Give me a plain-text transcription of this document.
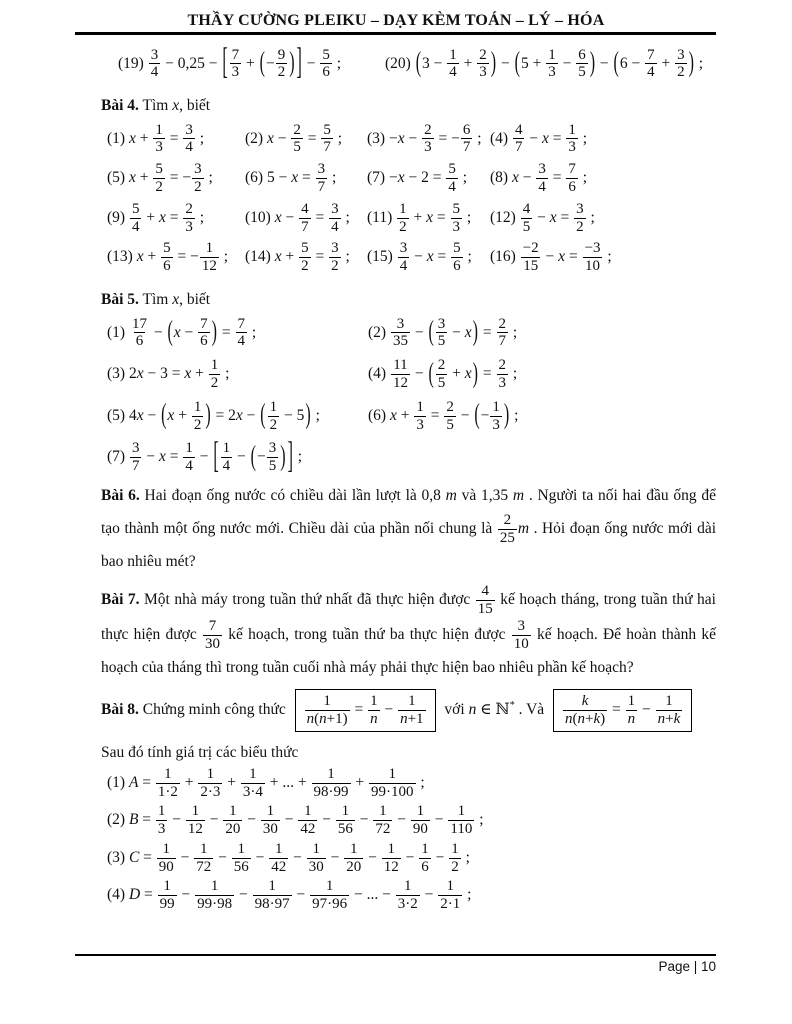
THẦY CƯỜNG PLEIKU – DẠY KÈM TOÁN – LÝ – HÓA
$(19) \frac{3}{4} - 0,25$ − [ $\frac{7}{3}$ + (− $\frac{9}{2}$ ) ] − $\frac{5}{6}$ ;	(20) ($3 - \frac{1}{4} + \frac{2}{3}$ ) − ($5 + \frac{1}{3} - \frac{6}{5}$ ) − ($6 - \frac{7}{4} + \frac{3}{2}$ ) ;
Bài 4. Tìm x, biết
(1) $x + \frac{1}{3} = \frac{3}{4}$ ;	(2) $x - \frac{2}{5} = \frac{5}{7}$ ;	$(3) -x - \frac{2}{3}$ = − $\frac{6}{7}$ ; $(4) \frac{4}{7} - x = \frac{1}{3}$ ;
(5) $x + \frac{5}{2}$ = − $\frac{3}{2}$ ;	(6) $5 - x = \frac{3}{7}$ ;	$(7) -x - 2 = \frac{5}{4}$ ;	(8) $x - \frac{3}{4} = \frac{7}{6}$ ;
$(9) \frac{5}{4} + x = \frac{2}{3}$ ;	(10) $x - \frac{4}{7} = \frac{3}{4}$ ;	$(11) \frac{1}{2} + x = \frac{5}{3}$ ;	$(12) \frac{4}{5} - x = \frac{3}{2}$ ;
(13) $x + \frac{5}{6}$ = − $\frac{1}{12}$ ;	(14) $x + \frac{5}{2} = \frac{3}{2}$ ;	$(15) \frac{3}{4} - x = \frac{5}{6}$ ;	$(16) \frac{-2}{15} - x = \frac{-3}{10}$ ;
Bài 5. Tìm x, biết
$(1) \frac{17}{6} - (x - \frac{7}{6}$ ) = $\frac{7}{4}$ ;	$(2) \frac{3}{35}$ − ( $\frac{3}{5} - x) = \frac{2}{7}$ ;
(3) $2x - 3 = x + \frac{1}{2}$ ;	$(4) \frac{11}{12}$ − ( $\frac{2}{5} + x) = \frac{2}{3}$ ;
(5) $4x - (x + \frac{1}{2}$ ) = 2x − ( $\frac{1}{2} - 5$) ;	(6) $x + \frac{1}{3} = \frac{2}{5}$ − (− $\frac{1}{3}$ ) ;
$(7) \frac{3}{7} - x = \frac{1}{4}$ − [ $\frac{1}{4}$ − (− $\frac{3}{5}$ ) ] ;
Bài 6. Hai đoạn ống nước có chiều dài lần lượt là 0,8 m và 1,35 m . Người ta nối hai đầu ống để tạo thành một ống nước mới. Chiều dài của phần nối chung là $\frac{2}{25}$ m . Hỏi đoạn ống nước mới dài bao nhiêu mét?
Bài 7. Một nhà máy trong tuần thứ nhất đã thực hiện được $\frac{4}{15}$ kế hoạch tháng, trong tuần thứ hai thực hiện được $\frac{7}{30}$ kế hoạch, trong tuần thứ ba thực hiện được $\frac{3}{10}$ kế hoạch. Để hoàn thành kế hoạch của tháng thì trong tuần cuối nhà máy phải thực hiện bao nhiêu phần kế hoạch?
Bài 8. Chứng minh công thức $\frac{1}{n(n+1)} = \frac{1}{n} - \frac{1}{n+1}$ với n ∈ ℕ* . Và $\frac{k}{n(n+k)} = \frac{1}{n} - \frac{1}{n+k}$
Sau đó tính giá trị các biểu thức
(1) $A = \frac{1}{1\cdot 2} + \frac{1}{2\cdot 3} + \frac{1}{3\cdot 4}$ + ... + $\frac{1}{98\cdot 99} + \frac{1}{99\cdot 100}$ ;
(2) $B = \frac{1}{3} - \frac{1}{12} - \frac{1}{20} - \frac{1}{30} - \frac{1}{42} - \frac{1}{56} - \frac{1}{72} - \frac{1}{90} - \frac{1}{110}$ ;
(3) $C = \frac{1}{90} - \frac{1}{72} - \frac{1}{56} - \frac{1}{42} - \frac{1}{30} - \frac{1}{20} - \frac{1}{12} - \frac{1}{6} - \frac{1}{2}$ ;
(4) $D = \frac{1}{99} - \frac{1}{99\cdot 98} - \frac{1}{98\cdot 97} - \frac{1}{97\cdot 96}$ − ... − $\frac{1}{3\cdot 2} - \frac{1}{2\cdot 1}$ ;
Page | 10
